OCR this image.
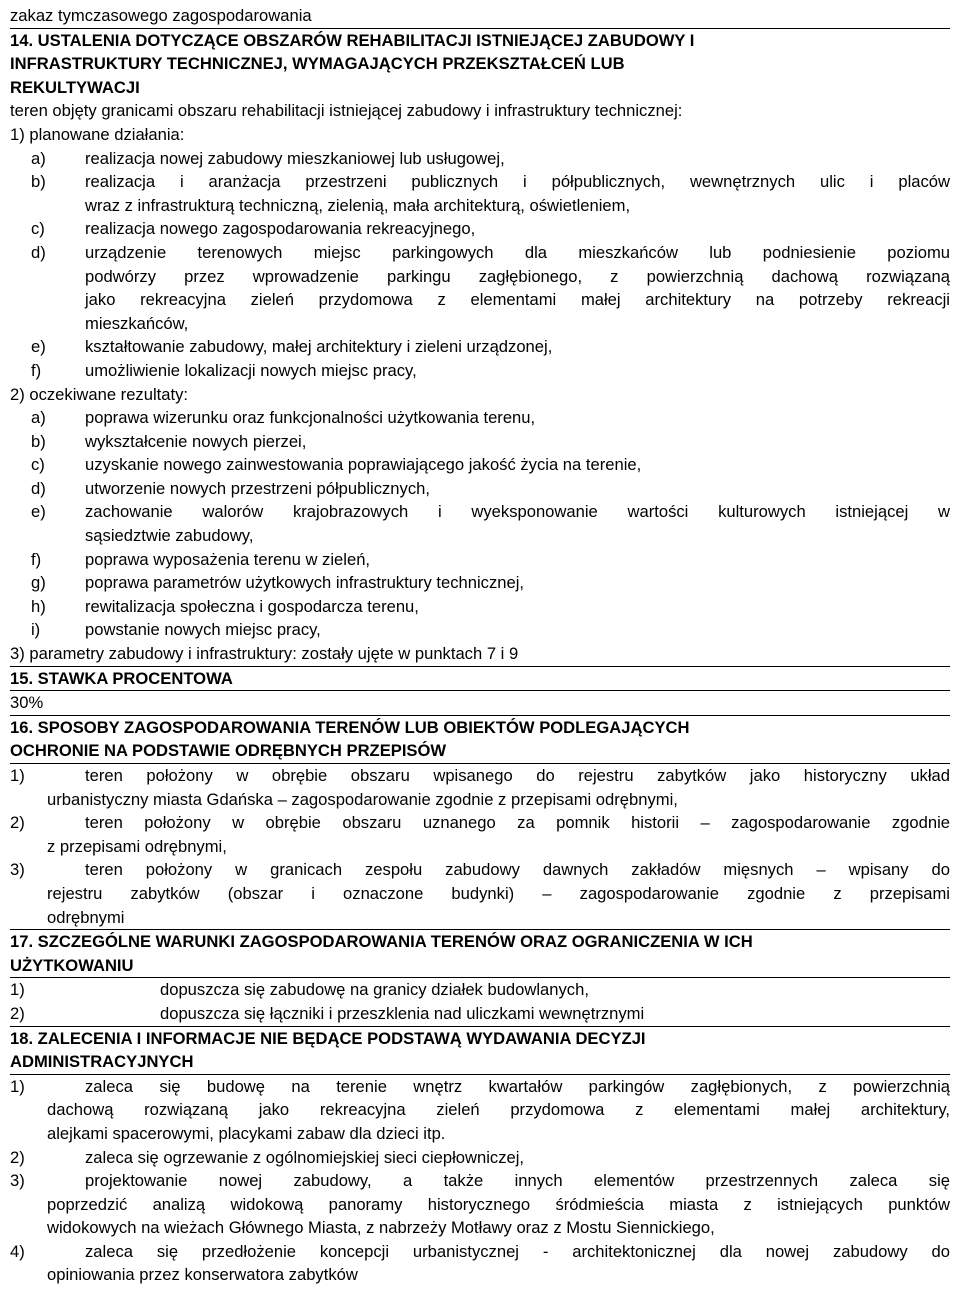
zakaz tymczasowego zagospodarowania
14. USTALENIA DOTYCZĄCE OBSZARÓW REHABILITACJI ISTNIEJĄCEJ ZABUDOWY I
INFRASTRUKTURY TECHNICZNEJ, WYMAGAJĄCYCH PRZEKSZTAŁCEŃ LUB
REKULTYWACJI
teren objęty granicami obszaru rehabilitacji istniejącej zabudowy i infrastruktury technicznej:
1) planowane działania:
a)	realizacja nowej zabudowy mieszkaniowej lub usługowej,
b)	realizacja i aranżacja przestrzeni publicznych i półpublicznych, wewnętrznych ulic i placów
wraz z infrastrukturą techniczną, zielenią, mała architekturą, oświetleniem,
c)	realizacja nowego zagospodarowania rekreacyjnego,
d)	urządzenie terenowych miejsc parkingowych dla mieszkańców lub podniesienie poziomu
podwórzy przez wprowadzenie parkingu zagłębionego, z powierzchnią dachową rozwiązaną
jako rekreacyjna zieleń przydomowa z elementami małej architektury na potrzeby rekreacji
mieszkańców,
e)	kształtowanie zabudowy, małej architektury i zieleni urządzonej,
f)	umożliwienie lokalizacji nowych miejsc pracy,
2) oczekiwane rezultaty:
a)	poprawa wizerunku oraz funkcjonalności użytkowania terenu,
b)	wykształcenie nowych pierzei,
c)	uzyskanie nowego zainwestowania poprawiającego jakość życia na terenie,
d)	utworzenie nowych przestrzeni półpublicznych,
e)	zachowanie walorów krajobrazowych i wyeksponowanie wartości kulturowych istniejącej w
sąsiedztwie zabudowy,
f)	poprawa wyposażenia terenu w zieleń,
g)	poprawa parametrów użytkowych infrastruktury technicznej,
h)	rewitalizacja społeczna i gospodarcza terenu,
i)	powstanie nowych miejsc pracy,
3) parametry zabudowy i infrastruktury: zostały ujęte w punktach 7 i 9
15. STAWKA PROCENTOWA
30%
16. SPOSOBY ZAGOSPODAROWANIA TERENÓW LUB OBIEKTÓW PODLEGAJĄCYCH
OCHRONIE NA PODSTAWIE ODRĘBNYCH PRZEPISÓW
1)	teren położony w obrębie obszaru wpisanego do rejestru zabytków jako historyczny układ
urbanistyczny miasta Gdańska – zagospodarowanie zgodnie z przepisami odrębnymi,
2)	teren położony w obrębie obszaru uznanego za pomnik historii – zagospodarowanie zgodnie
z przepisami odrębnymi,
3)	teren położony w granicach zespołu zabudowy dawnych zakładów mięsnych – wpisany do
rejestru zabytków (obszar i oznaczone budynki) – zagospodarowanie zgodnie z przepisami
odrębnymi
17. SZCZEGÓLNE WARUNKI ZAGOSPODAROWANIA TERENÓW ORAZ OGRANICZENIA W ICH
UŻYTKOWANIU
1)	dopuszcza się zabudowę na granicy działek budowlanych,
2)	dopuszcza się łączniki i przeszklenia nad uliczkami wewnętrznymi
18. ZALECENIA I INFORMACJE NIE BĘDĄCE PODSTAWĄ WYDAWANIA DECYZJI
ADMINISTRACYJNYCH
1)	zaleca się budowę na terenie wnętrz kwartałów parkingów zagłębionych, z powierzchnią
dachową rozwiązaną jako rekreacyjna zieleń przydomowa z elementami małej architektury,
alejkami spacerowymi, placykami zabaw dla dzieci itp.
2)	zaleca się ogrzewanie z ogólnomiejskiej sieci ciepłowniczej,
3)	projektowanie nowej zabudowy, a także innych elementów przestrzennych zaleca się
poprzedzić analizą widokową panoramy historycznego śródmieścia miasta z istniejących punktów
widokowych na wieżach Głównego Miasta, z nabrzeży Motławy oraz z Mostu Siennickiego,
4)	zaleca się przedłożenie koncepcji urbanistycznej - architektonicznej dla nowej zabudowy do
opiniowania przez konserwatora zabytków
